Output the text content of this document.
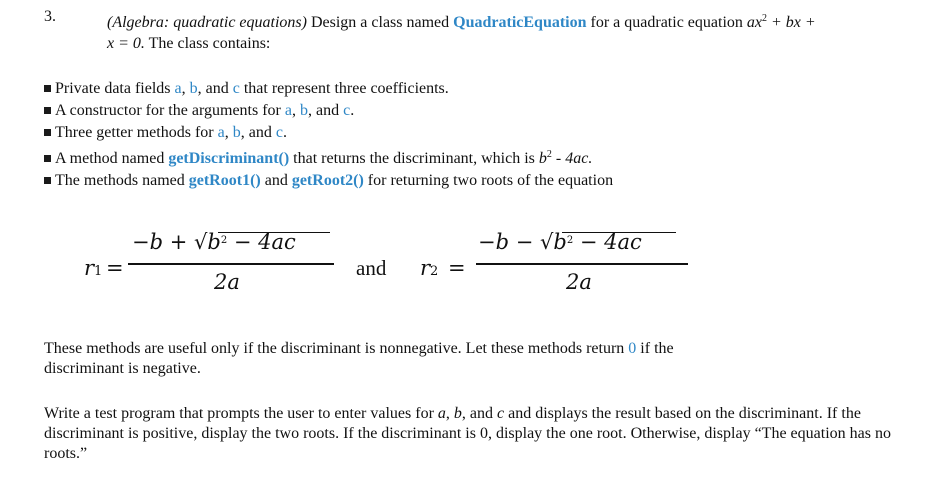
3.	(Algebra: quadratic equations) Design a class named QuadraticEquation for a quadratic equation $ax^2$ + bx +
x = 0. The class contains:
Private data fields a, b, and c that represent three coefficients.
A constructor for the arguments for a, b, and c.
Three getter methods for a, b, and c.
A method named getDiscriminant() that returns the discriminant, which is $b^2 - 4ac$.
The methods named getRoot1() and getRoot2() for returning two roots of the equation
r1 =
$-b + √b^2 - 4ac$
2a
and r2 =
$-b - √b^2 - 4ac$
2a
These methods are useful only if the discriminant is nonnegative. Let these methods return 0 if the discriminant is negative.
Write a test program that prompts the user to enter values for a, b, and c and displays the result based on the discriminant. If the discriminant is positive, display the two roots. If the discriminant is 0, display the one root. Otherwise, display “The equation has no roots.”
